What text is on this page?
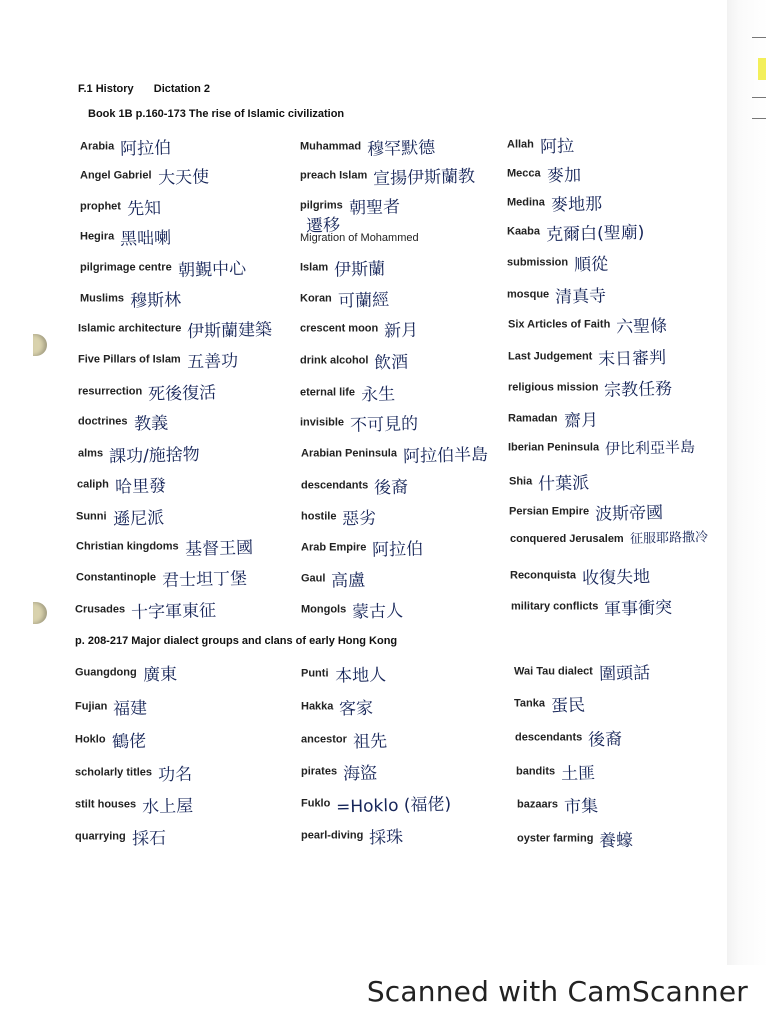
F.1 History Dictation 2
Book 1B p.160-173 The rise of Islamic civilization
Arabia 阿拉伯
Angel Gabriel 大天使
prophet 先知
Hegira 黑咄喇
pilgrimage centre 朝覲中心
Muslims 穆斯林
Islamic architecture 伊斯蘭建築
Five Pillars of Islam 五善功
resurrection 死後復活
doctrines 教義
alms 課功/施捨物
caliph 哈里發
Sunni 遜尼派
Christian kingdoms 基督王國
Constantinople 君士坦丁堡
Crusades 十字軍東征
Muhammad 穆罕默德
preach Islam 宣揚伊斯蘭教
pilgrims 朝聖者
遷移
Migration of Mohammed
Islam 伊斯蘭
Koran 可蘭經
crescent moon 新月
drink alcohol 飲酒
eternal life 永生
invisible 不可見的
Arabian Peninsula 阿拉伯半島
descendants 後裔
hostile 惡劣
Arab Empire 阿拉伯
Gaul 高盧
Mongols 蒙古人
Allah 阿拉
Mecca 麥加
Medina 麥地那
Kaaba 克爾白(聖廟)
submission 順從
mosque 清真寺
Six Articles of Faith 六聖條
Last Judgement 末日審判
religious mission 宗教任務
Ramadan 齋月
Iberian Peninsula 伊比利亞半島
Shia 什葉派
Persian Empire 波斯帝國
conquered Jerusalem 征服耶路撒冷
Reconquista 收復失地
military conflicts 軍事衝突
p. 208-217 Major dialect groups and clans of early Hong Kong
Guangdong 廣東
Fujian 福建
Hoklo 鶴佬
scholarly titles 功名
stilt houses 水上屋
quarrying 採石
Punti 本地人
Hakka 客家
ancestor 祖先
pirates 海盜
Fuklo =Hoklo (福佬)
pearl-diving 採珠
Wai Tau dialect 圍頭話
Tanka 蛋民
descendants 後裔
bandits 土匪
bazaars 市集
oyster farming 養蠔
Scanned with CamScanner
